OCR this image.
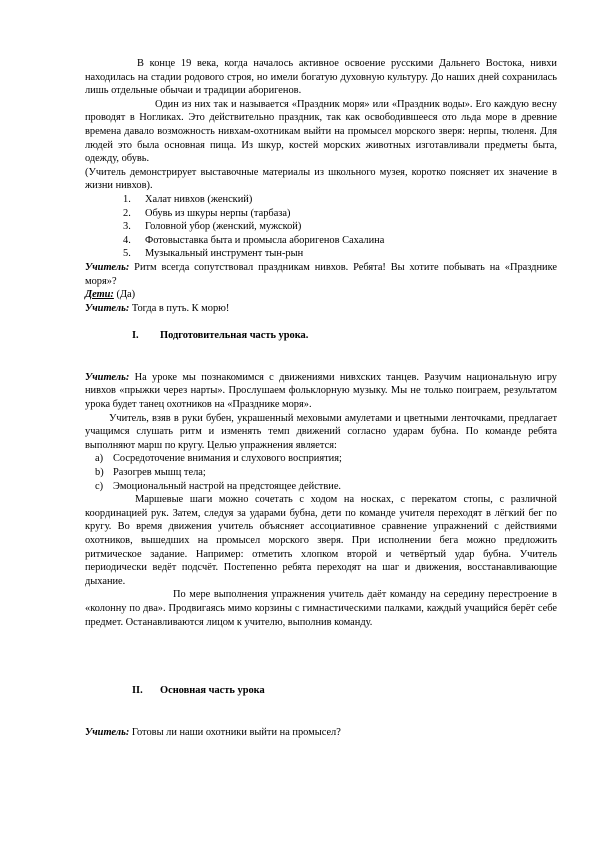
В конце 19 века, когда началось активное освоение русскими Дальнего Востока, нивхи находилась на стадии родового строя, но имели богатую духовную культуру. До наших дней сохранилась лишь отдельные обычаи и традиции аборигенов.

Один из них так и называется «Праздник моря» или «Праздник воды». Его каждую весну проводят в Ногликах. Это действительно праздник, так как освободившееся ото льда море в древние времена давало возможность нивхам-охотникам выйти на промысел морского зверя: нерпы, тюленя. Для людей это была основная пища. Из шкур, костей морских животных изготавливали предметы быта, одежду, обувь.

(Учитель демонстрирует выставочные материалы из школьного музея, коротко поясняет их значение в жизни нивхов).

1. Халат нивхов (женский)
2. Обувь из шкуры нерпы (тарбаза)
3. Головной убор (женский, мужской)
4. Фотовыставка быта и промысла аборигенов Сахалина
5. Музыкальный инструмент тын-рын

Учитель: Ритм всегда сопутствовал праздникам нивхов. Ребята! Вы хотите побывать на «Празднике моря»?

Дети: (Да)

Учитель: Тогда в путь. К морю!

I. Подготовительная часть урока.

Учитель: На уроке мы познакомимся с движениями нивхских танцев. Разучим национальную игру нивхов «прыжки через нарты». Прослушаем фольклорную музыку. Мы не только поиграем, результатом урока будет танец охотников на «Празднике моря».

Учитель, взяв в руки бубен, украшенный меховыми амулетами и цветными ленточками, предлагает учащимся слушать ритм и изменять темп движений согласно ударам бубна. По команде ребята выполняют марш по кругу. Целью упражнения является:

a) Сосредоточение внимания и слухового восприятия;
b) Разогрев мышц тела;
c) Эмоциональный настрой на предстоящее действие.

Маршевые шаги можно сочетать с ходом на носках, с перекатом стопы, с различной координацией рук. Затем, следуя за ударами бубна, дети по команде учителя переходят в лёгкий бег по кругу. Во время движения учитель объясняет ассоциативное сравнение упражнений с действиями охотников, вышедших на промысел морского зверя. При исполнении бега можно предложить ритмическое задание. Например: отметить хлопком второй и четвёртый удар бубна. Учитель периодически ведёт подсчёт. Постепенно ребята переходят на шаг и движения, восстанавливающие дыхание.

По мере выполнения упражнения учитель даёт команду на середину перестроение в «колонну по два». Продвигаясь мимо корзины с гимнастическими палками, каждый учащийся берёт себе предмет. Останавливаются лицом к учителю, выполнив команду.

II. Основная часть урока

Учитель: Готовы ли наши охотники выйти на промысел?
